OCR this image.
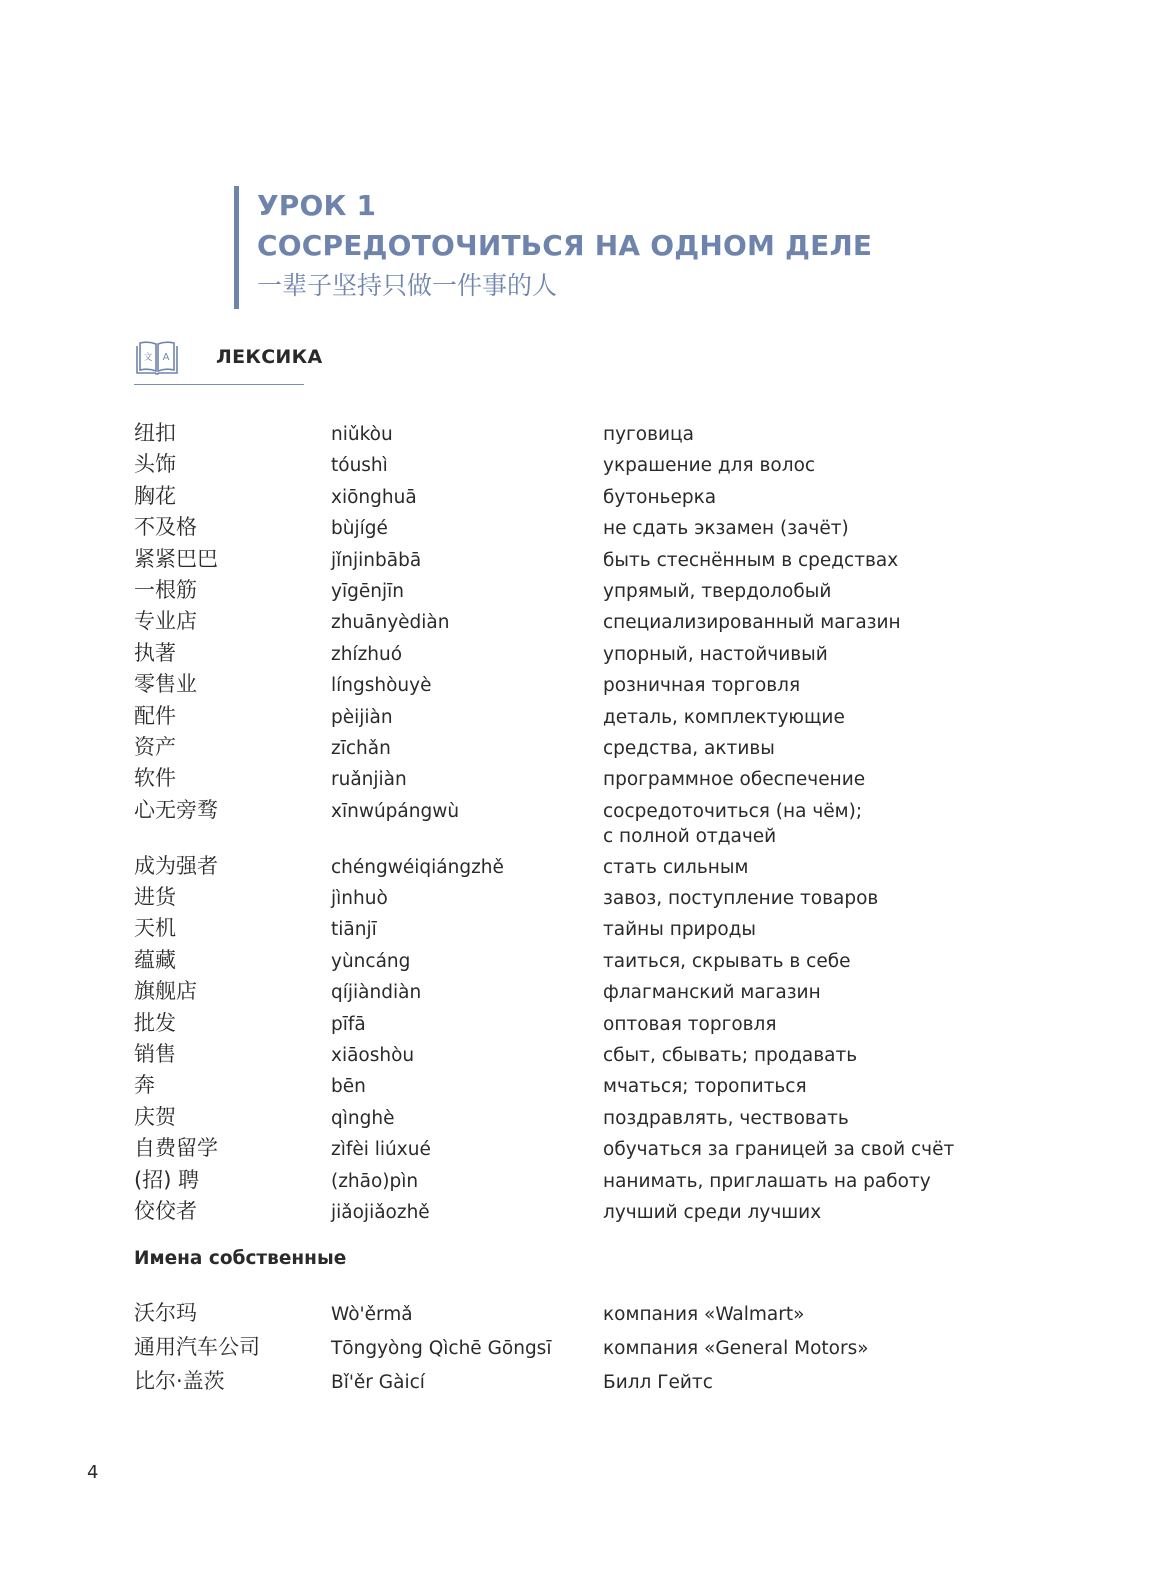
УРОК 1
СОСРЕДОТОЧИТЬСЯ НА ОДНОМ ДЕЛЕ
一辈子坚持只做一件事的人
文 A ЛЕКСИКА
纽扣	niǔkòu	пуговица
头饰	tóushì	украшение для волос
胸花	xiōnghuā	бутоньерка
不及格	bùjígé	не сдать экзамен (зачёт)
紧紧巴巴	jǐnjinbābā	быть стеснённым в средствах
一根筋	yīgēnjīn	упрямый, твердолобый
专业店	zhuānyèdiàn	специализированный магазин
执著	zhízhuó	упорный, настойчивый
零售业	língshòuyè	розничная торговля
配件	pèijiàn	деталь, комплектующие
资产	zīchǎn	средства, активы
软件	ruǎnjiàn	программное обеспечение
心无旁骛	xīnwúpángwù	сосредоточиться (на чём);
с полной отдачей
成为强者	chéngwéiqiángzhě	стать сильным
进货	jìnhuò	завоз, поступление товаров
天机	tiānjī	тайны природы
蕴藏	yùncáng	таиться, скрывать в себе
旗舰店	qíjiàndiàn	флагманский магазин
批发	pīfā	оптовая торговля
销售	xiāoshòu	сбыт, сбывать; продавать
奔	bēn	мчаться; торопиться
庆贺	qìnghè	поздравлять, чествовать
自费留学	zìfèi liúxué	обучаться за границей за свой счёт
(招) 聘	(zhāo)pìn	нанимать, приглашать на работу
佼佼者	jiǎojiǎozhě	лучший среди лучших
Имена собственные
沃尔玛	Wò'ěrmǎ	компания «Walmart»
通用汽车公司	Tōngyòng Qìchē Gōngsī	компания «General Motors»
比尔·盖茨	Bǐ'ěr Gàicí	Билл Гейтс
4
